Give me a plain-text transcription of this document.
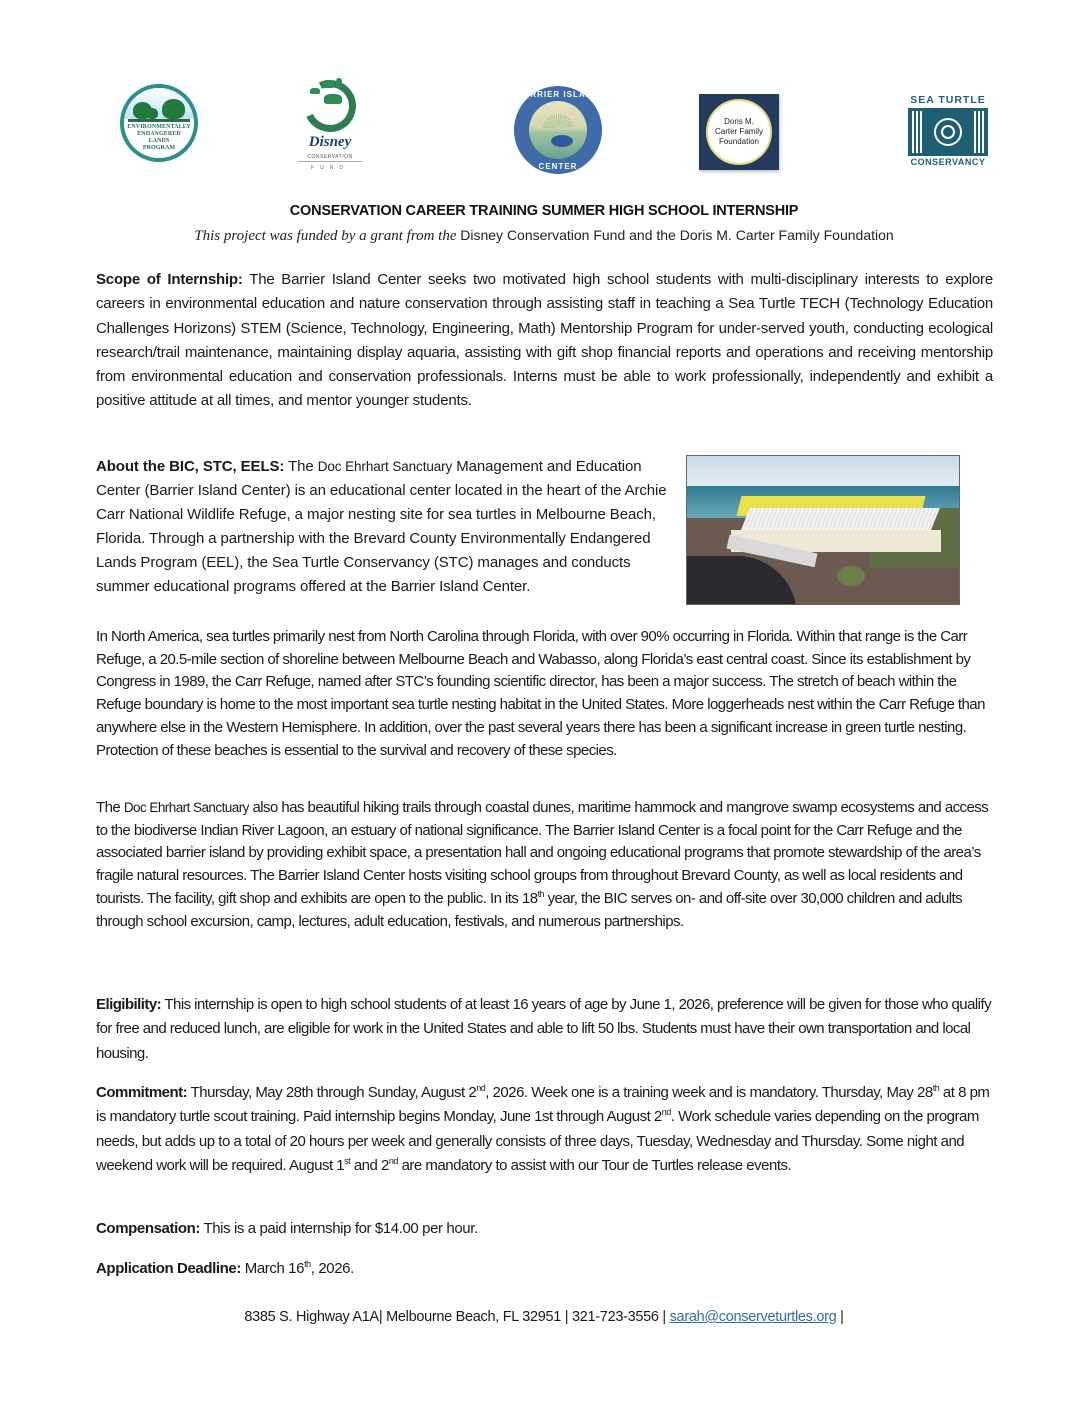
ENVIRONMENTALLY
ENDANGERED
LANDS
PROGRAM	Disney
CONSERVATION
FUND
BARRIER ISLAND
CENTER
Doris M.
Carter Family
Foundation
SEA TURTLE
CONSERVANCY
CONSERVATION CAREER TRAINING SUMMER HIGH SCHOOL INTERNSHIP
This project was funded by a grant from the Disney Conservation Fund and the Doris M. Carter Family Foundation
Scope of Internship: The Barrier Island Center seeks two motivated high school students with multi-disciplinary interests to explore careers in environmental education and nature conservation through assisting staff in teaching a Sea Turtle TECH (Technology Education Challenges Horizons) STEM (Science, Technology, Engineering, Math) Mentorship Program for under-served youth, conducting ecological research/trail maintenance, maintaining display aquaria, assisting with gift shop financial reports and operations and receiving mentorship from environmental education and conservation professionals. Interns must be able to work professionally, independently and exhibit a positive attitude at all times, and mentor younger students.
About the BIC, STC, EELS: The Doc Ehrhart Sanctuary Management and Education Center (Barrier Island Center) is an educational center located in the heart of the Archie Carr National Wildlife Refuge, a major nesting site for sea turtles in Melbourne Beach, Florida. Through a partnership with the Brevard County Environmentally Endangered Lands Program (EEL), the Sea Turtle Conservancy (STC) manages and conducts summer educational programs offered at the Barrier Island Center.
In North America, sea turtles primarily nest from North Carolina through Florida, with over 90% occurring in Florida. Within that range is the Carr Refuge, a 20.5-mile section of shoreline between Melbourne Beach and Wabasso, along Florida’s east central coast. Since its establishment by Congress in 1989, the Carr Refuge, named after STC’s founding scientific director, has been a major success. The stretch of beach within the Refuge boundary is home to the most important sea turtle nesting habitat in the United States. More loggerheads nest within the Carr Refuge than anywhere else in the Western Hemisphere. In addition, over the past several years there has been a significant increase in green turtle nesting. Protection of these beaches is essential to the survival and recovery of these species.
The Doc Ehrhart Sanctuary also has beautiful hiking trails through coastal dunes, maritime hammock and mangrove swamp ecosystems and access to the biodiverse Indian River Lagoon, an estuary of national significance. The Barrier Island Center is a focal point for the Carr Refuge and the associated barrier island by providing exhibit space, a presentation hall and ongoing educational programs that promote stewardship of the area’s fragile natural resources. The Barrier Island Center hosts visiting school groups from throughout Brevard County, as well as local residents and tourists. The facility, gift shop and exhibits are open to the public. In its 18th year, the BIC serves on- and off-site over 30,000 children and adults through school excursion, camp, lectures, adult education, festivals, and numerous partnerships.
Eligibility: This internship is open to high school students of at least 16 years of age by June 1, 2026, preference will be given for those who qualify for free and reduced lunch, are eligible for work in the United States and able to lift 50 lbs. Students must have their own transportation and local housing.
Commitment: Thursday, May 28th through Sunday, August 2nd, 2026. Week one is a training week and is mandatory. Thursday, May 28th at 8 pm is mandatory turtle scout training. Paid internship begins Monday, June 1st through August 2nd. Work schedule varies depending on the program needs, but adds up to a total of 20 hours per week and generally consists of three days, Tuesday, Wednesday and Thursday. Some night and weekend work will be required. August 1st and 2nd are mandatory to assist with our Tour de Turtles release events.
Compensation: This is a paid internship for $14.00 per hour.
Application Deadline: March 16th, 2026.
8385 S. Highway A1A| Melbourne Beach, FL 32951 | 321-723-3556 | sarah@conserveturtles.org |
